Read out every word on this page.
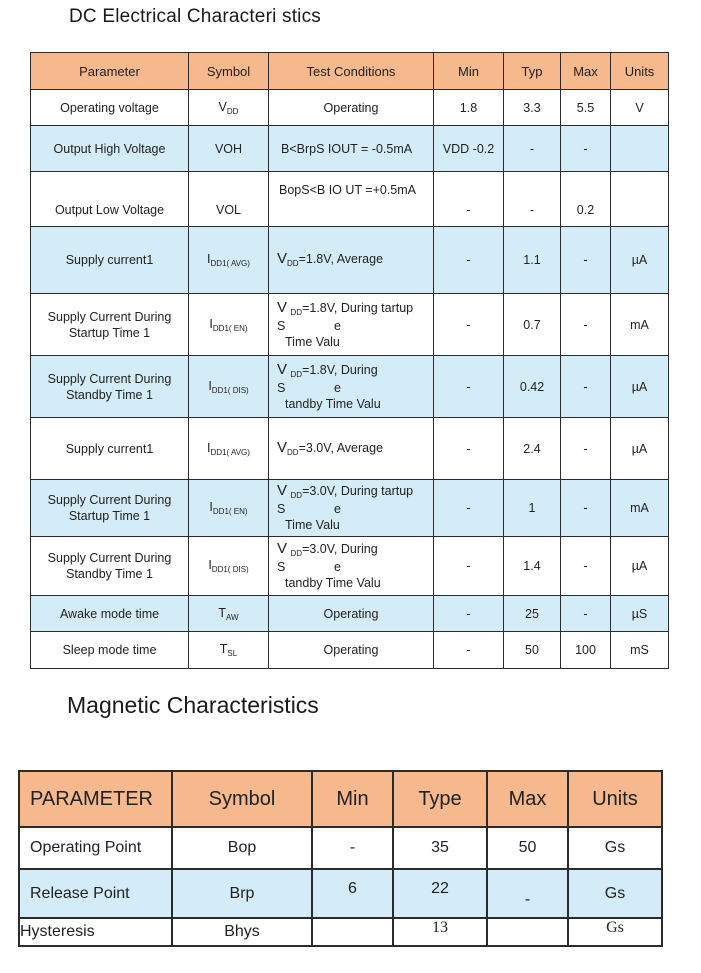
DC Electrical Characteri stics
Parameter	Symbol	Test Conditions	Min	Typ	Max	Units
Operating voltage	$V_{DD}$	Operating	1.8	3.3	5.5	V
Output High Voltage	VOH	B<BrpS IOUT = -0.5mA	VDD -0.2	-	-	
Output Low Voltage	VOL	BopS<B IO UT =+0.5mA	-	-	0.2	
Supply current1	$I_{DD1( AVG)}$	$V_{DD}=1.8V$, Average	-	1.1	-	µA
Supply Current During Startup Time 1	$I_{DD1( EN)}$	V $_{DD}$=1.8V, During tartup
S              e
Time Valu	-	0.7	-	mA
Supply Current During Standby Time 1	$I_{DD1( DIS)}$	V $_{DD}$=1.8V, During
S              e
tandby Time Valu	-	0.42	-	µA
Supply current1	$I_{DD1( AVG)}$	$V_{DD}=3.0V$, Average	-	2.4	-	µA
Supply Current During Startup Time 1	$I_{DD1( EN)}$	V $_{DD}$=3.0V, During tartup
S              e
Time Valu	-	1	-	mA
Supply Current During Standby Time 1	$I_{DD1( DIS)}$	V $_{DD}$=3.0V, During
S              e
tandby Time Valu	-	1.4	-	µA
Awake mode time	$T_{AW}$	Operating	-	25	-	µS
Sleep mode time	$T_{SL}$	Operating	-	50	100	mS
Magnetic Characteristics
PARAMETER	Symbol	Min	Type	Max	Units
Operating Point	Bop	-	35	50	Gs
Release Point	Brp	6	22	-	Gs
Hysteresis	Bhys		13		Gs
